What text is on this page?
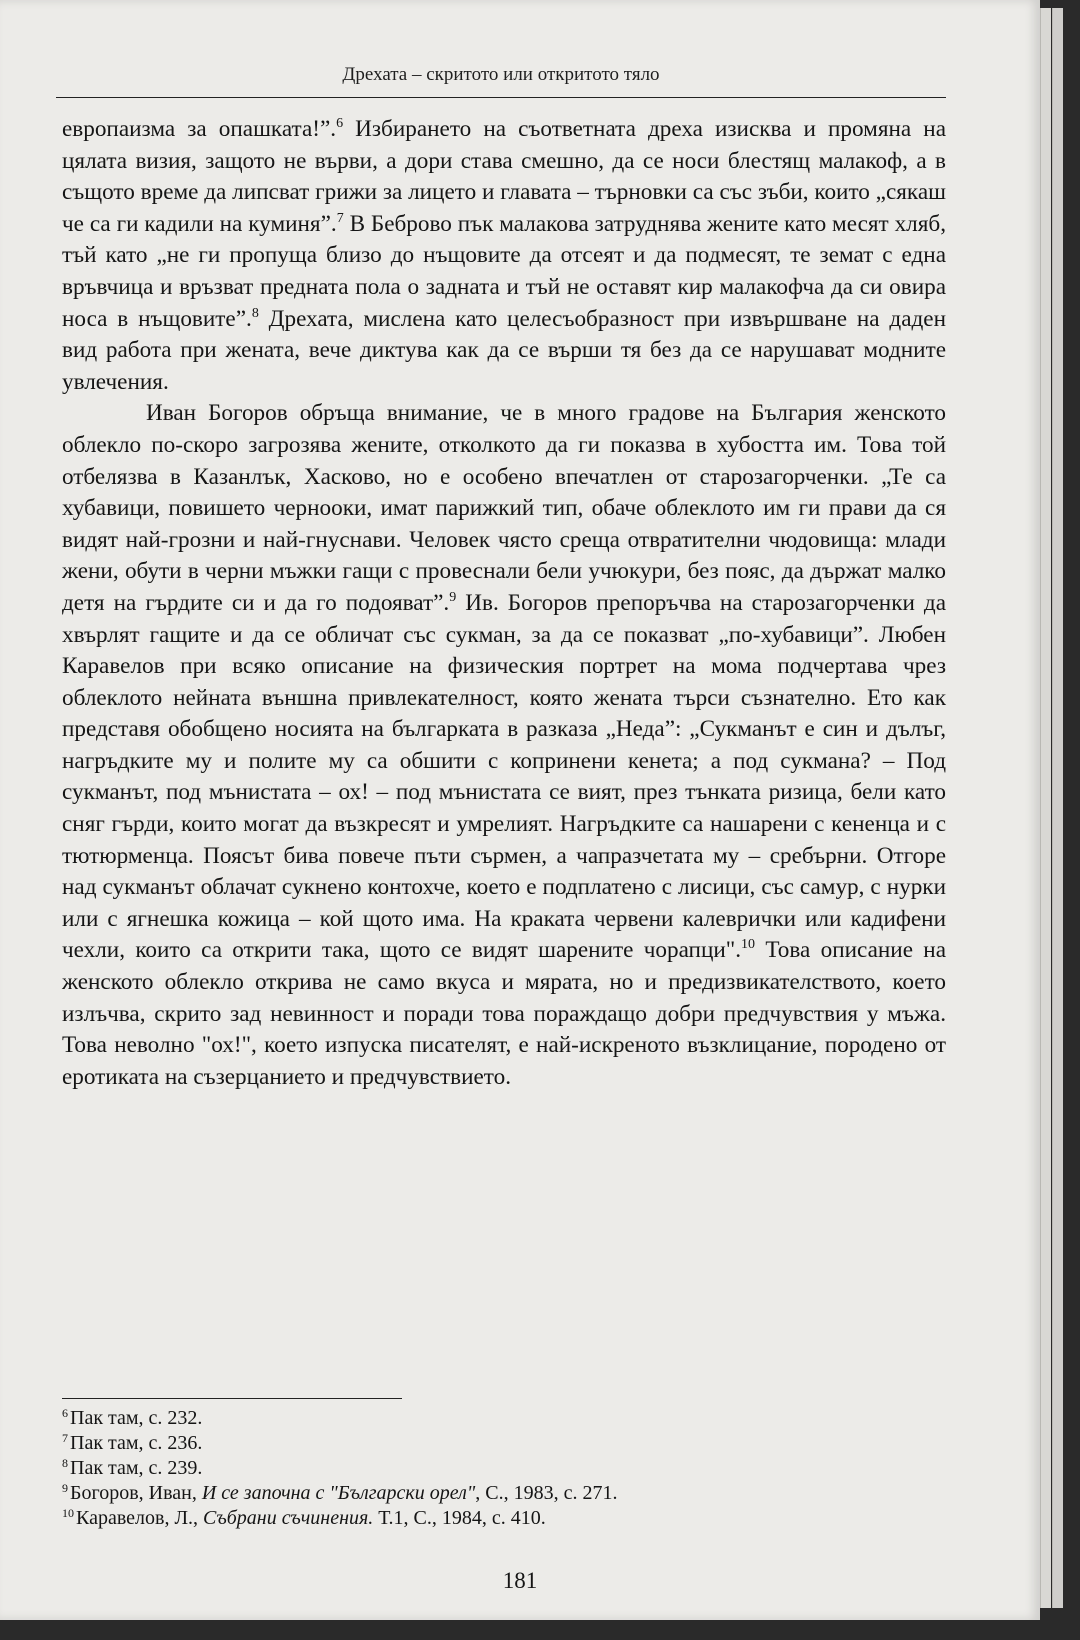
Дрехата – скритото или откритото тяло

европаизма за опашката!”.$^6$ Избирането на съответната дреха изисква и промяна на цялата визия, защото не върви, а дори става смешно, да се носи блестящ малакоф, а в същото време да липсват грижи за лицето и главата – търновки са със зъби, които „сякаш че са ги кадили на куминя”.$^7$ В Беброво пък малакова затруднява жените като месят хляб, тъй като „не ги пропуща близо до нъщовите да отсеят и да подмесят, те земат с една връвчица и връзват предната пола о задната и тъй не оставят кир малакофча да си овира носа в нъщовите”.$^8$ Дрехата, мислена като целесъобразност при извършване на даден вид работа при жената, вече диктува как да се върши тя без да се нарушават модните увлечения.

Иван Богоров обръща внимание, че в много градове на България женското облекло по-скоро загрозява жените, отколкото да ги показва в хубостта им. Това той отбелязва в Казанлък, Хасково, но е особено впечатлен от старозагорченки. „Те са хубавици, повишето черноoки, имат парижкий тип, обаче облеклото им ги прави да ся видят най-грозни и най-гнуснави. Человек чясто среща отвратителни чюдовища: млади жени, обути в черни мъжки гащи с провеснали бели учюкури, без пояс, да държат малко детя на гърдите си и да го подояват”.$^9$ Ив. Богоров препоръчва на старозагорченки да хвърлят гащите и да се обличат със сукман, за да се показват „по-хубавици”. Любен Каравелов при всяко описание на физическия портрет на мома подчертава чрез облеклото нейната външна привлекателност, която жената търси съзнателно. Ето как представя обобщено носията на българката в разказа „Неда”: „Сукманът е син и дълъг, нагръдките му и полите му са обшити с копринени кенета; а под сукмана? – Под сукманът, под мънистата – ох! – под мънистата се вият, през тънката ризица, бели като сняг гърди, които могат да възкресят и умрелият. Нагръдките са нашарени с кененца и с тютюрменца. Поясът бива повече пъти сърмен, а чапразчетата му – сребърни. Отгоре над сукманът облачат сукнено контохче, което е подплатено с лисици, със самур, с нурки или с ягнешка кожица – кой щото има. На краката червени калеврички или кадифени чехли, които са открити така, щото се видят шарените чорапци".$^{10}$ Това описание на женското облекло открива не само вкуса и мярата, но и предизвикателството, което излъчва, скрито зад невинност и поради това пораждащо добри предчувствия у мъжа. Това неволно "ох!", което изпуска писателят, е най-искреното възклицание, породено от еротиката на съзерцанието и предчувствието.

$^6$ Пак там, с. 232.
$^7$ Пак там, с. 236.
$^8$ Пак там, с. 239.
$^9$ Богоров, Иван, И се започна с "Български орел", С., 1983, с. 271.
$^{10}$ Каравелов, Л., Събрани съчинения. Т.1, С., 1984, с. 410.
181
